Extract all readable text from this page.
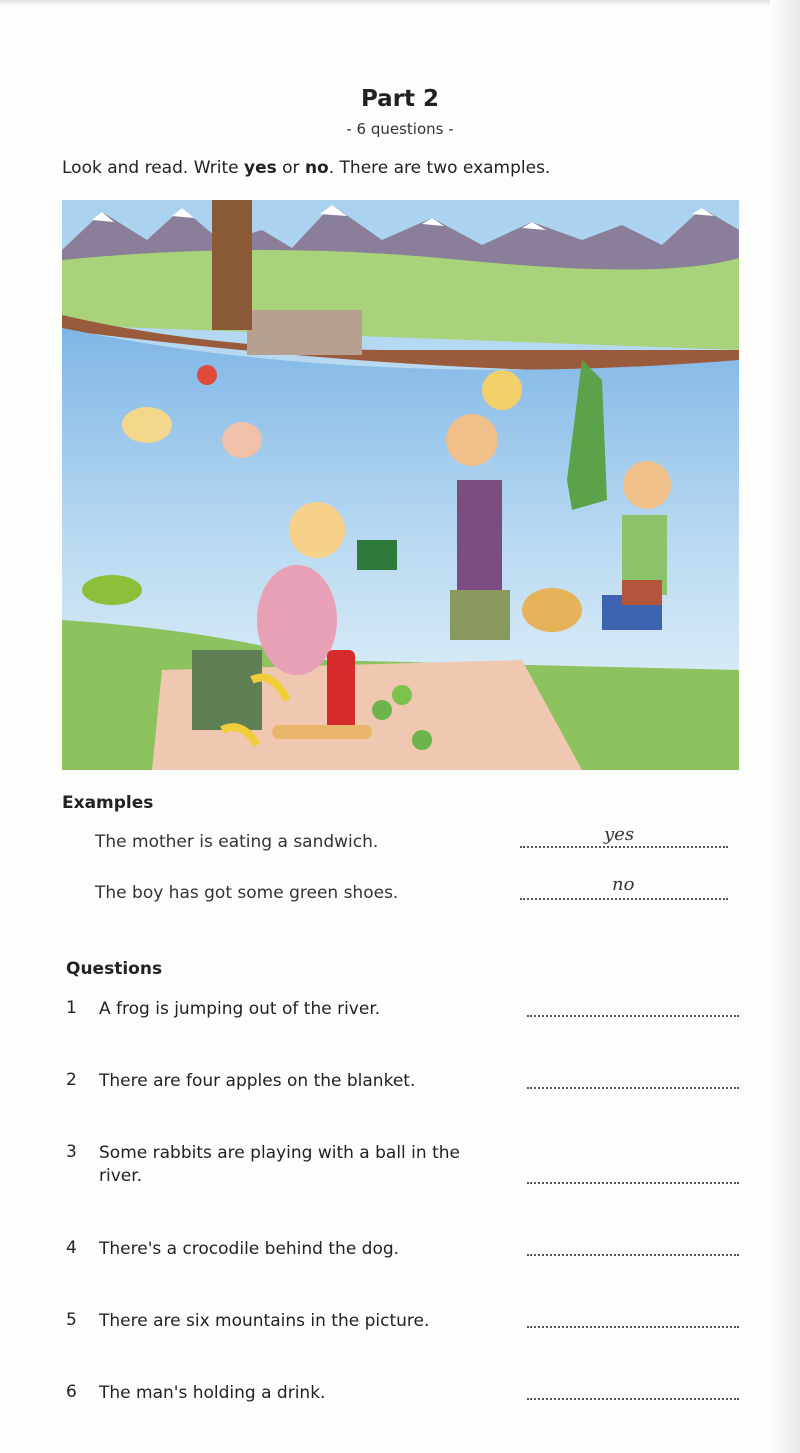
Part 2
- 6 questions -
Look and read. Write yes or no. There are two examples.
Examples
The mother is eating a sandwich.	yes
The boy has got some green shoes.	no
Questions
1 A frog is jumping out of the river.
2 There are four apples on the blanket.
3 Some rabbits are playing with a ball in the river.
4 There's a crocodile behind the dog.
5 There are six mountains in the picture.
6 The man's holding a drink.
